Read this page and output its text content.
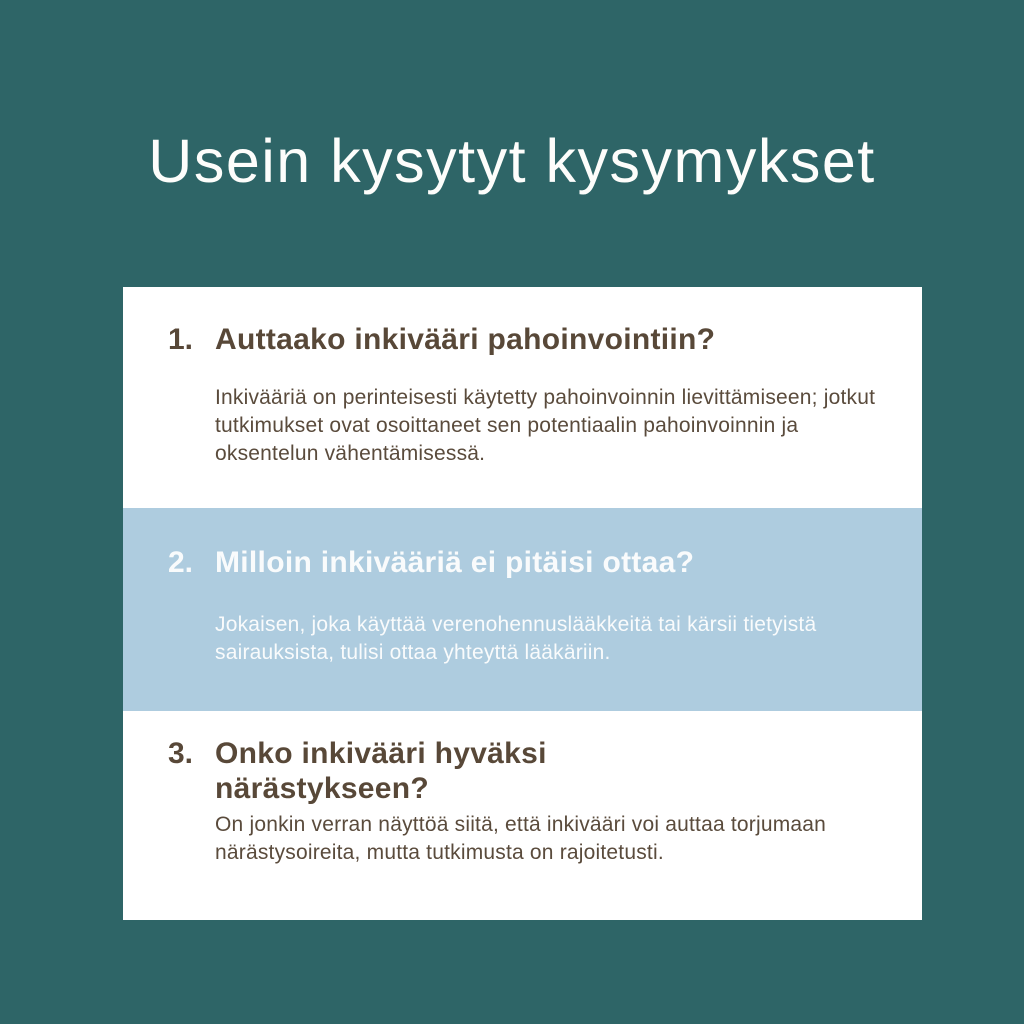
Usein kysytyt kysymykset
1. Auttaako inkivääri pahoinvointiin?

Inkivääriä on perinteisesti käytetty pahoinvoinnin lievittämiseen; jotkut tutkimukset ovat osoittaneet sen potentiaalin pahoinvoinnin ja oksentelun vähentämisessä.

2. Milloin inkivääriä ei pitäisi ottaa?

Jokaisen, joka käyttää verenohennuslääkkeitä tai kärsii tietyistä sairauksista, tulisi ottaa yhteyttä lääkäriin.

3. Onko inkivääri hyväksi närästykseen?

On jonkin verran näyttöä siitä, että inkivääri voi auttaa torjumaan närästysoireita, mutta tutkimusta on rajoitetusti.
